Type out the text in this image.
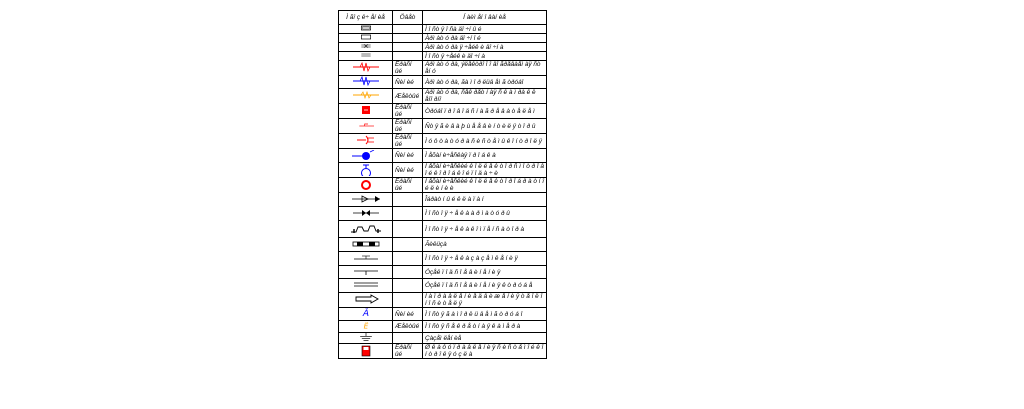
Ì ãî ç ë÷ åí èå	Öâåò	Í àèì åí î âàí èå

		Ì î ñò ÿ î ñà äî ÷í û é

		Àðì àò ó ðà äî ÷í î é

		Àðì àò ó ðà ÿ ÷åéê è äî ÷í à

		Ì î ñò ÿ ÷åéê è äî ÷í à

	Êðàñí ûé	Àðì àò ó ðà, ýëåêòðî ï î äî ãðåâàåì àÿ ñò åí ó

	Ñèí èé	Àðì àò ó ðà, ãà ì î ð ëüä åì ã òðóáî

	Æåëòûé	Àðì àò ó ðà, ñåê ðåò í àÿ ñ ê à ì ðà ê ë åïî ðíî

	Êðàñí ûé	Òðóáî ï ð î â î ä ñ í à ã ð å â à ò å ë å ì

	Êðàñí ûé	Ñò ÿ ã è â à þ ù å å â è í ò è ë ÿ ò î ð ü

	Êðàñí ûé	Ì ó ô ò à ò ó ð à ñ è ñ ò å ì û ê î í ò ð î ë ÿ

	Ñèí èé	Ì åõàí è÷åñêàÿ ï ð î á ê à

	Ñèí èé	Ì åõàí è÷åñêèé ê î ë ë å ê ò î ð ñ ì î ò ð î â î é ê î ð î á ê î é ï î ä à ÷ è

	Êðàñí ûé	Ì åõàí è÷åñêèé ê î ë ë å ê ò î ð î á ð à ò í î é ë è í è è

		Îáðàò í û é ê ë à ï à í

		Ì î ñò î ÿ ÷ å ê à à ð ì à ò ó ð û

		Ì î ñò î ÿ ÷ å ê à ê î ì ï å í ñ à ò î ð à

		Ãèëüçà

		Ì î ñò î ÿ ÷ å ê à ç à ç å ì ë å í è ÿ

		Óçåë ï î ä ñ î å ä è í å í è ÿ

		Óçåë ï î ä ñ î å ä è í å í è ÿ ê ò ð ó á å

		Ì à ï ð à â ë å í è å ä â è æ å í è ÿ ò å ï ë î í î ñ è ò å ë ÿ

Â	Ñèí èé	Ì î ñò ÿ ã à ì î ð ë ü ä å ì ã ò ð ó á î

Ë	Æåëòûé	Ì î ñò ÿ ñ å ê ð å ò í à ÿ ê à ì å ð à

		Çàçåì ëåí èå

	Êðàñí ûé	Ø ê à ô ó ï ð à â ë å í è ÿ ñ è ñ ò å ì î é ê î í ò ð î ë ÿ ó ç ë à
